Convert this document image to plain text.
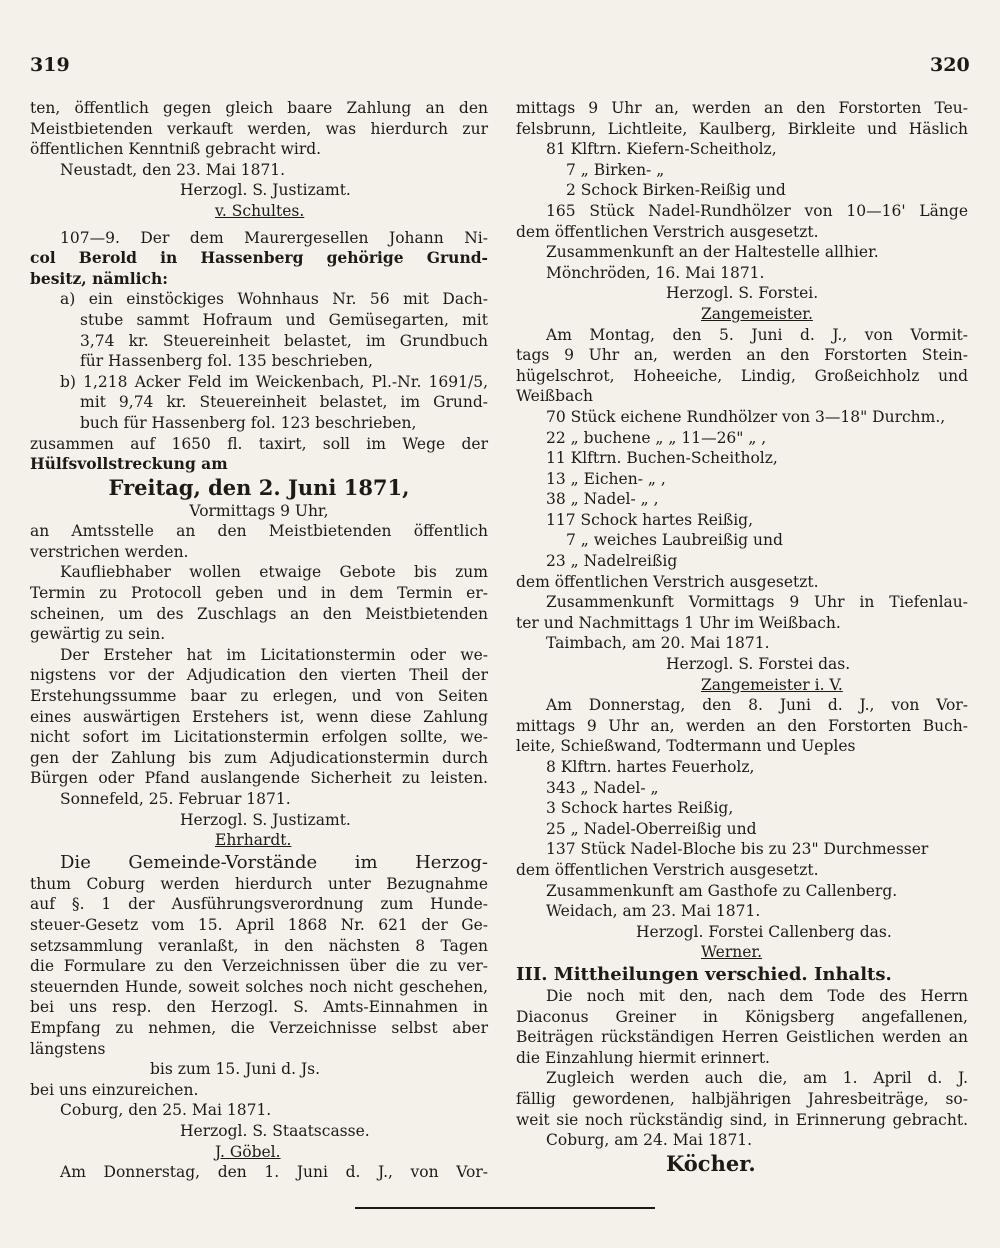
319	320
ten, öffentlich gegen gleich baare Zahlung an den
Meistbietenden verkauft werden, was hierdurch zur
öffentlichen Kenntniß gebracht wird.
Neustadt, den 23. Mai 1871.
Herzogl. S. Justizamt.
v. Schultes.
107—9. Der dem Maurergesellen Johann Ni-
col Berold in Hassenberg gehörige Grund-
besitz, nämlich:
a) ein einstöckiges Wohnhaus Nr. 56 mit Dach-
stube sammt Hofraum und Gemüsegarten, mit
3,74 kr. Steuereinheit belastet, im Grundbuch
für Hassenberg fol. 135 beschrieben,
b) 1,218 Acker Feld im Weickenbach, Pl.-Nr. 1691/5,
mit 9,74 kr. Steuereinheit belastet, im Grund-
buch für Hassenberg fol. 123 beschrieben,
zusammen auf 1650 fl. taxirt, soll im Wege der
Hülfsvollstreckung am
Freitag, den 2. Juni 1871,
Vormittags 9 Uhr,
an Amtsstelle an den Meistbietenden öffentlich
verstrichen werden.
Kaufliebhaber wollen etwaige Gebote bis zum
Termin zu Protocoll geben und in dem Termin er-
scheinen, um des Zuschlags an den Meistbietenden
gewärtig zu sein.
Der Ersteher hat im Licitationstermin oder we-
nigstens vor der Adjudication den vierten Theil der
Erstehungssumme baar zu erlegen, und von Seiten
eines auswärtigen Erstehers ist, wenn diese Zahlung
nicht sofort im Licitationstermin erfolgen sollte, we-
gen der Zahlung bis zum Adjudicationstermin durch
Bürgen oder Pfand auslangende Sicherheit zu leisten.
Sonnefeld, 25. Februar 1871.
Herzogl. S. Justizamt.
Ehrhardt.
Die Gemeinde-Vorstände im Herzog-
thum Coburg werden hierdurch unter Bezugnahme
auf §. 1 der Ausführungsverordnung zum Hunde-
steuer-Gesetz vom 15. April 1868 Nr. 621 der Ge-
setzsammlung veranlaßt, in den nächsten 8 Tagen
die Formulare zu den Verzeichnissen über die zu ver-
steuernden Hunde, soweit solches noch nicht geschehen,
bei uns resp. den Herzogl. S. Amts-Einnahmen in
Empfang zu nehmen, die Verzeichnisse selbst aber
längstens
bis zum 15. Juni d. Js.
bei uns einzureichen.
Coburg, den 25. Mai 1871.
Herzogl. S. Staatscasse.
J. Göbel.
Am Donnerstag, den 1. Juni d. J., von Vor-
mittags 9 Uhr an, werden an den Forstorten Teu-
felsbrunn, Lichtleite, Kaulberg, Birkleite und Häslich
81 Klftrn. Kiefern-Scheitholz,
7 „ Birken- „
2 Schock Birken-Reißig und
165 Stück Nadel-Rundhölzer von 10—16' Länge
dem öffentlichen Verstrich ausgesetzt.
Zusammenkunft an der Haltestelle allhier.
Mönchröden, 16. Mai 1871.
Herzogl. S. Forstei.
Zangemeister.
Am Montag, den 5. Juni d. J., von Vormit-
tags 9 Uhr an, werden an den Forstorten Stein-
hügelschrot, Hoheeiche, Lindig, Großeichholz und
Weißbach
70 Stück eichene Rundhölzer von 3—18" Durchm.,
22 „ buchene „ „ 11—26" „ ,
11 Klftrn. Buchen-Scheitholz,
13 „ Eichen- „ ,
38 „ Nadel- „ ,
117 Schock hartes Reißig,
7 „ weiches Laubreißig und
23 „ Nadelreißig
dem öffentlichen Verstrich ausgesetzt.
Zusammenkunft Vormittags 9 Uhr in Tiefenlau-
ter und Nachmittags 1 Uhr im Weißbach.
Taimbach, am 20. Mai 1871.
Herzogl. S. Forstei das.
Zangemeister i. V.
Am Donnerstag, den 8. Juni d. J., von Vor-
mittags 9 Uhr an, werden an den Forstorten Buch-
leite, Schießwand, Todtermann und Ueples
8 Klftrn. hartes Feuerholz,
343 „ Nadel- „
3 Schock hartes Reißig,
25 „ Nadel-Oberreißig und
137 Stück Nadel-Bloche bis zu 23" Durchmesser
dem öffentlichen Verstrich ausgesetzt.
Zusammenkunft am Gasthofe zu Callenberg.
Weidach, am 23. Mai 1871.
Herzogl. Forstei Callenberg das.
Werner.
III. Mittheilungen verschied. Inhalts.
Die noch mit den, nach dem Tode des Herrn
Diaconus Greiner in Königsberg angefallenen,
Beiträgen rückständigen Herren Geistlichen werden an
die Einzahlung hiermit erinnert.
Zugleich werden auch die, am 1. April d. J.
fällig gewordenen, halbjährigen Jahresbeiträge, so-
weit sie noch rückständig sind, in Erinnerung gebracht.
Coburg, am 24. Mai 1871.
Köcher.
